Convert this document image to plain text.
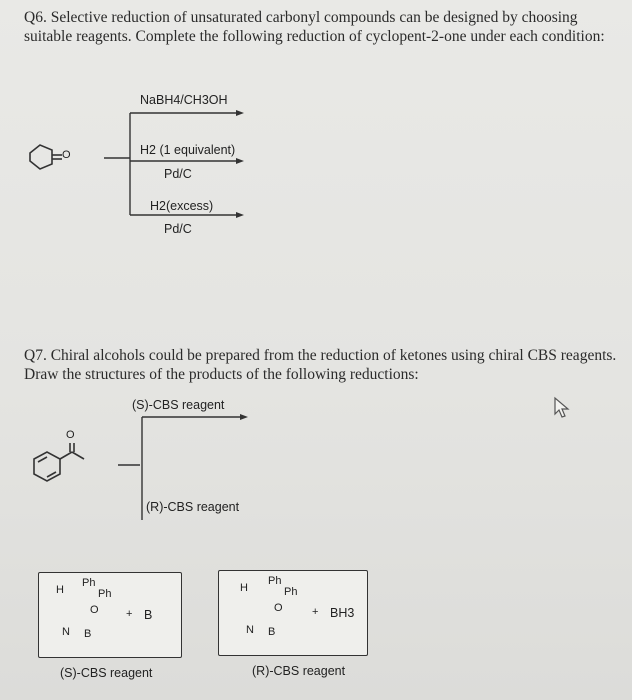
Q6. Selective reduction of unsaturated carbonyl compounds can be designed by choosing
suitable reagents. Complete the following reduction of cyclopent-2-one under each condition:
O
O
NaBH4/CH3OH
H2 (1 equivalent)
Pd/C
H2(excess)
Pd/C
Q7. Chiral alcohols could be prepared from the reduction of ketones using chiral CBS reagents.
Draw the structures of the products of the following reductions:
(S)-CBS reagent
(R)-CBS reagent
Ph
Ph
H
O
N B
+ B
(S)-CBS reagent
Ph
Ph
H
O
N B
+ BH3
(R)-CBS reagent
